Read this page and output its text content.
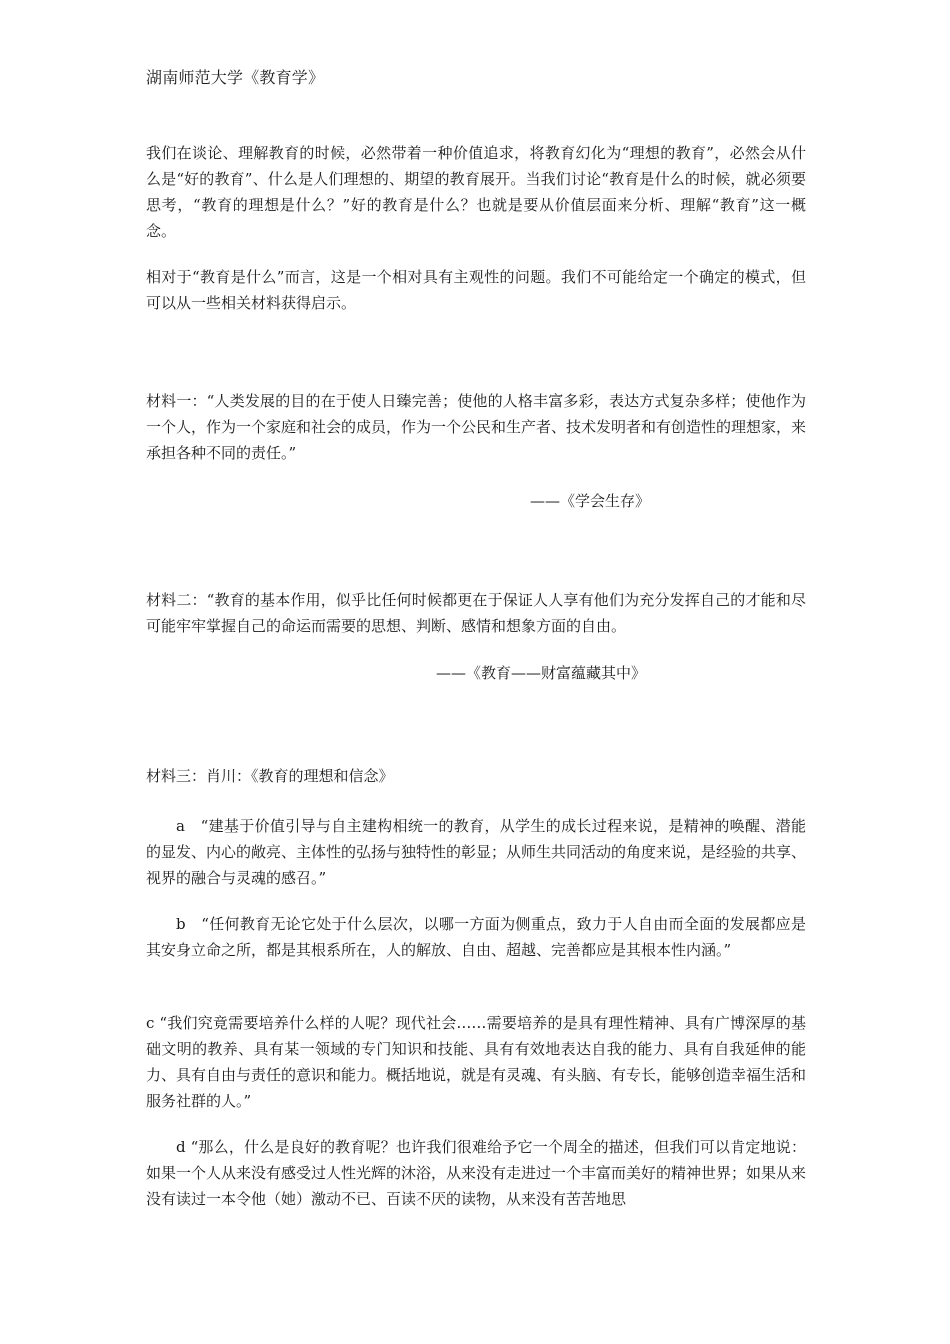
湖南师范大学《教育学》

我们在谈论、理解教育的时候，必然带着一种价值追求，将教育幻化为“理想的教育”，必然会从什么是“好的教育”、什么是人们理想的、期望的教育展开。当我们讨论“教育是什么的时候，就必须要思考，“教育的理想是什么？”好的教育是什么？也就是要从价值层面来分析、理解“教育”这一概念。

相对于“教育是什么”而言，这是一个相对具有主观性的问题。我们不可能给定一个确定的模式，但可以从一些相关材料获得启示。

材料一：“人类发展的目的在于使人日臻完善；使他的人格丰富多彩，表达方式复杂多样；使他作为一个人，作为一个家庭和社会的成员，作为一个公民和生产者、技术发明者和有创造性的理想家，来承担各种不同的责任。”

——《学会生存》

材料二：“教育的基本作用，似乎比任何时候都更在于保证人人享有他们为充分发挥自己的才能和尽可能牢牢掌握自己的命运而需要的思想、判断、感情和想象方面的自由。

——《教育——财富蕴藏其中》

材料三：肖川：《教育的理想和信念》

a　“建基于价值引导与自主建构相统一的教育，从学生的成长过程来说，是精神的唤醒、潜能的显发、内心的敞亮、主体性的弘扬与独特性的彰显；从师生共同活动的角度来说，是经验的共享、视界的融合与灵魂的感召。”

b　“任何教育无论它处于什么层次，以哪一方面为侧重点，致力于人自由而全面的发展都应是其安身立命之所，都是其根系所在，人的解放、自由、超越、完善都应是其根本性内涵。”

c “我们究竟需要培养什么样的人呢？现代社会……需要培养的是具有理性精神、具有广博深厚的基础文明的教养、具有某一领域的专门知识和技能、具有有效地表达自我的能力、具有自我延伸的能力、具有自由与责任的意识和能力。概括地说，就是有灵魂、有头脑、有专长，能够创造幸福生活和服务社群的人。”

d “那么，什么是良好的教育呢？也许我们很难给予它一个周全的描述，但我们可以肯定地说：如果一个人从来没有感受过人性光辉的沐浴，从来没有走进过一个丰富而美好的精神世界；如果从来没有读过一本令他（她）激动不已、百读不厌的读物，从来没有苦苦地思
